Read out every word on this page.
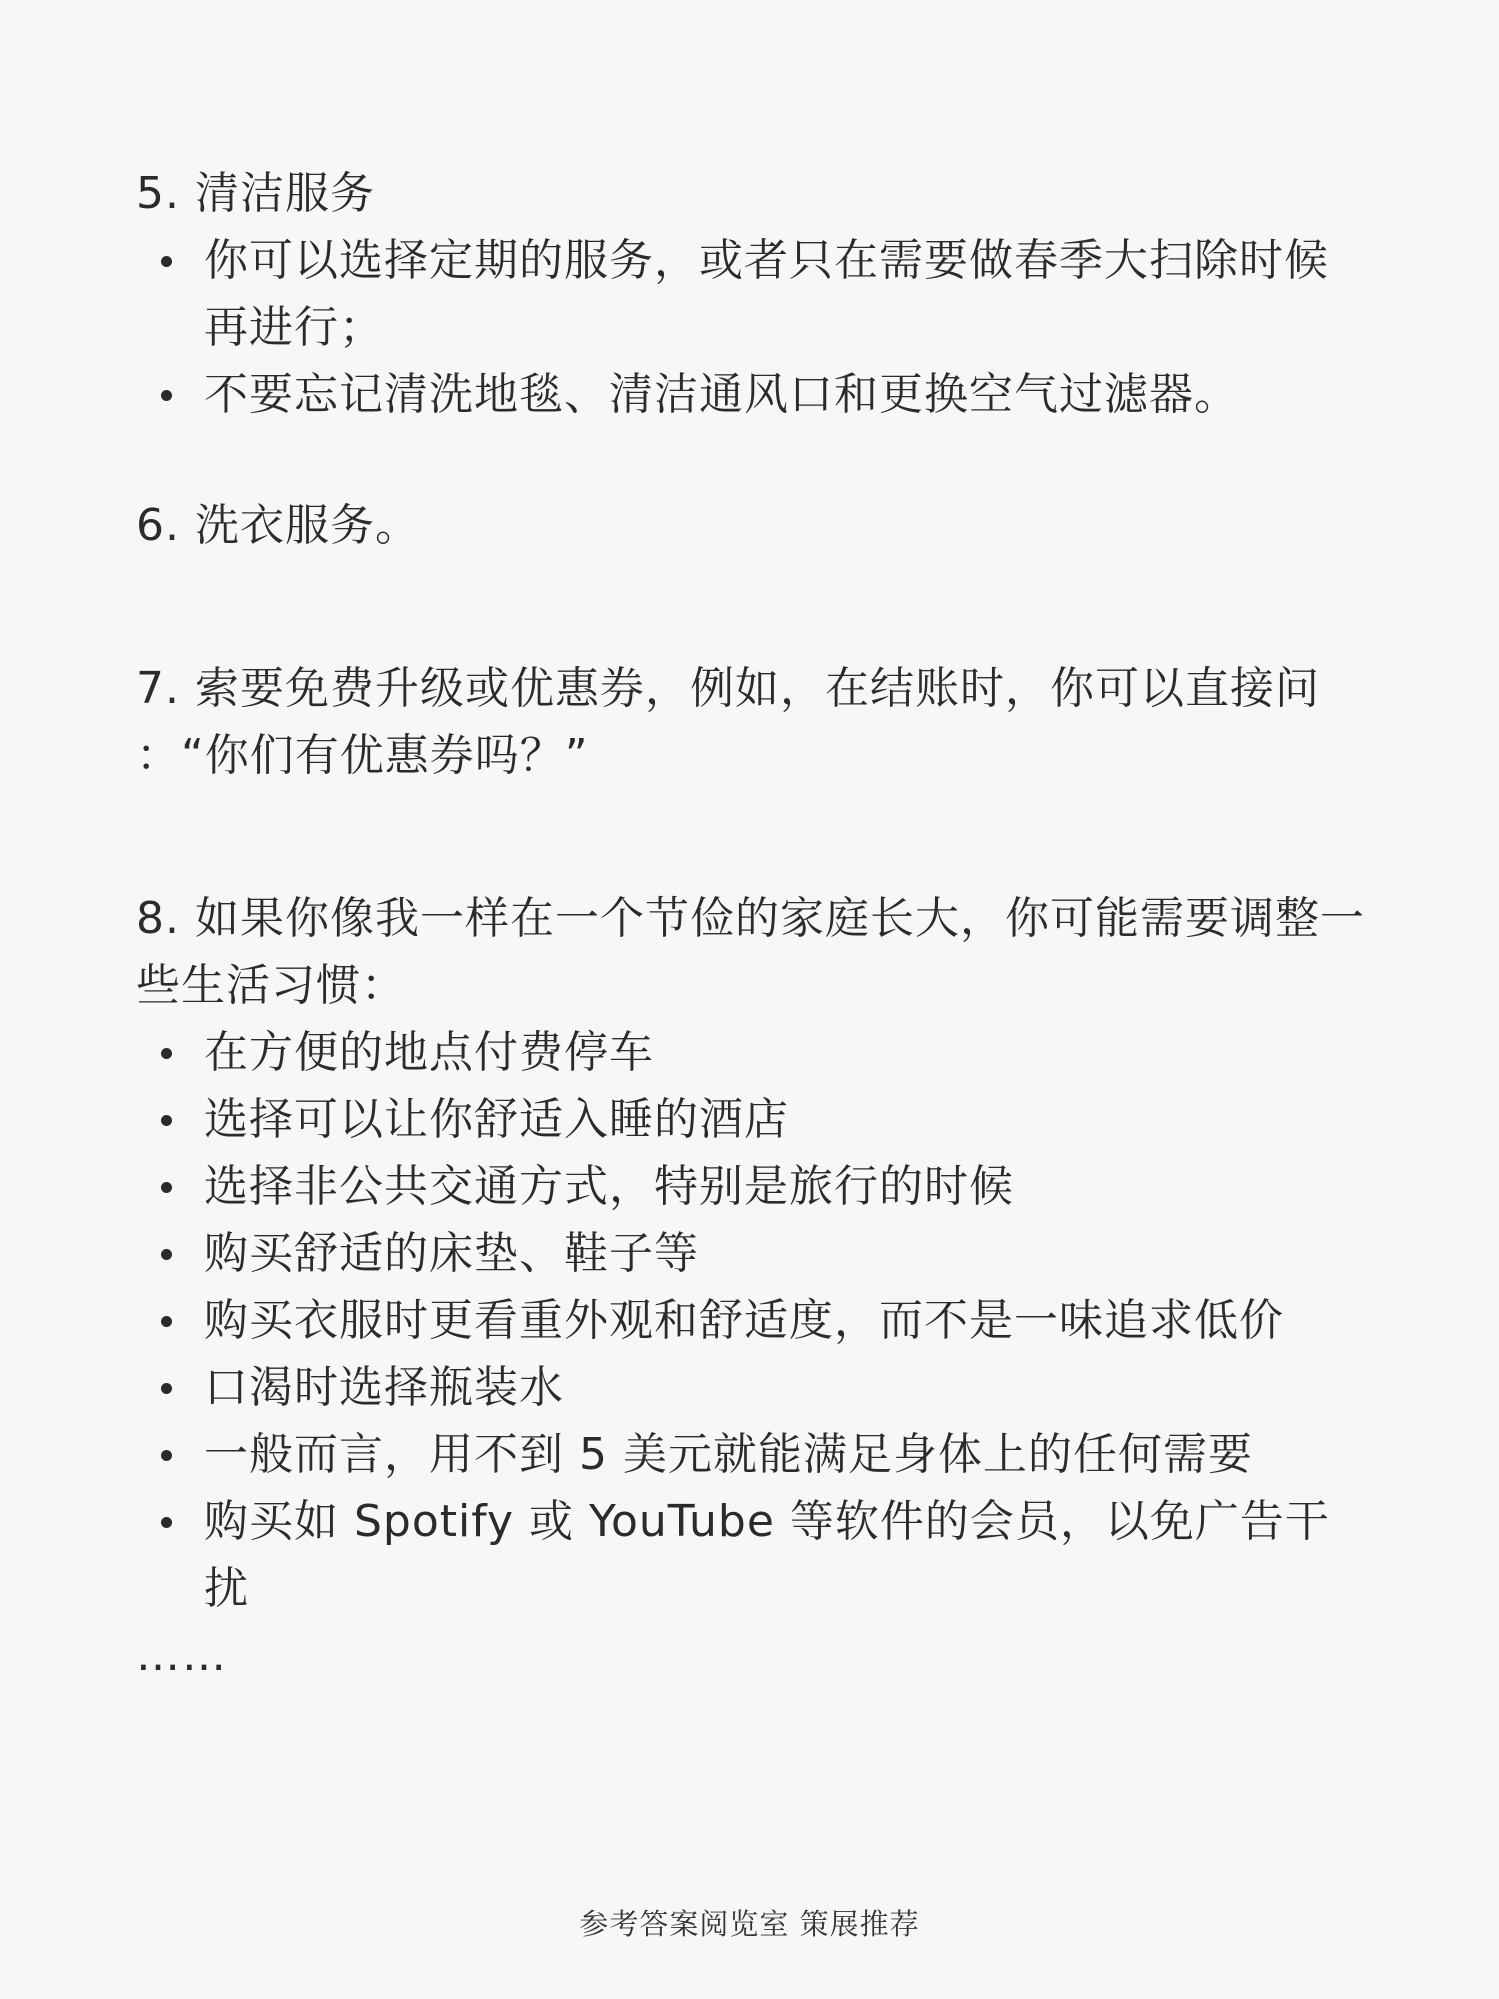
5. 清洁服务

你可以选择定期的服务，或者只在需要做春季大扫除时候再进行；
不要忘记清洗地毯、清洁通风口和更换空气过滤器。

6. 洗衣服务。

7. 索要免费升级或优惠券，例如，在结账时，你可以直接问 ：“你们有优惠券吗？”

8. 如果你像我一样在一个节俭的家庭长大，你可能需要调整一些生活习惯：

在方便的地点付费停车
选择可以让你舒适入睡的酒店
选择非公共交通方式，特别是旅行的时候
购买舒适的床垫、鞋子等
购买衣服时更看重外观和舒适度，而不是一味追求低价
口渴时选择瓶装水
一般而言，用不到 5 美元就能满足身体上的任何需要
购买如 Spotify 或 YouTube 等软件的会员，以免广告干扰
……
参考答案阅览室 策展推荐
